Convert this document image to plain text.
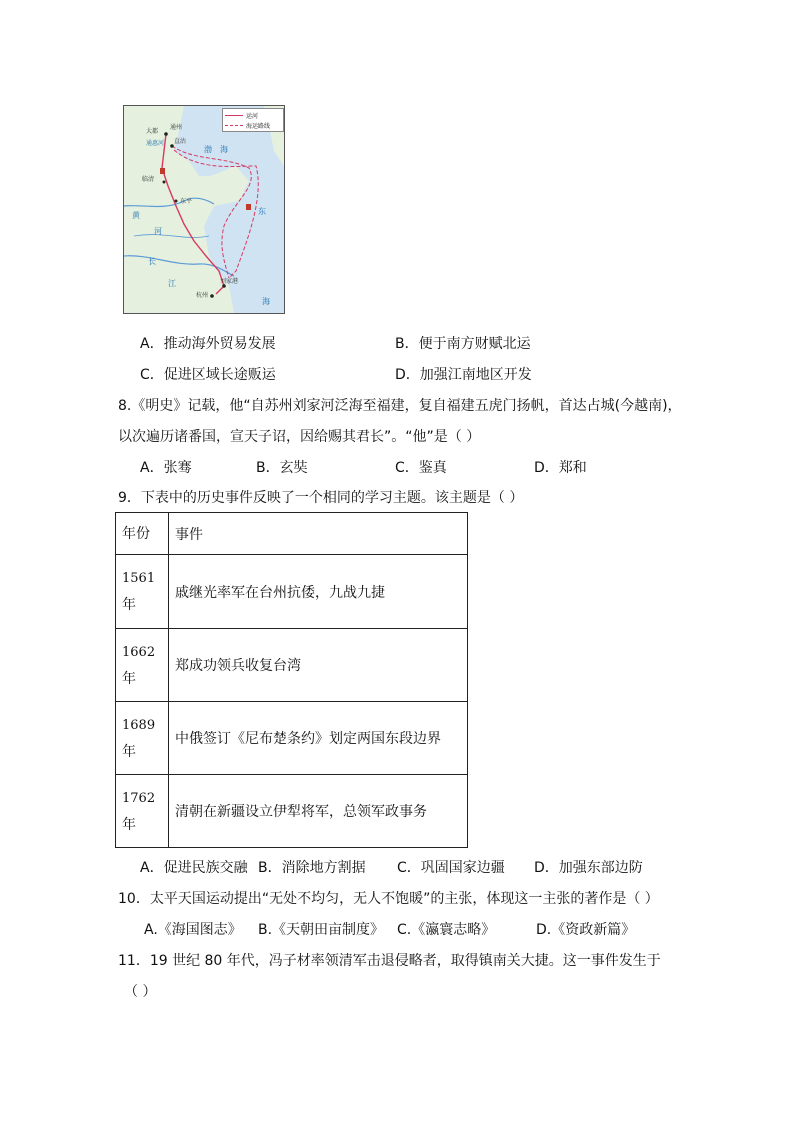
运河
海运路线
大都
通州
直沽
通惠河
临清
东平
刘家港
杭州
渤 海
东
海
黄
河
长
江
A．推动海外贸易发展	B．便于南方财赋北运
C．促进区域长途贩运	D．加强江南地区开发
8.《明史》记载，他“自苏州刘家河泛海至福建，复自福建五虎门扬帆，首达占城(今越南)，
以次遍历诸番国，宣天子诏，因给赐其君长”。“他”是（ ）
A．张骞	B．玄奘	C．鉴真	D．郑和
9．下表中的历史事件反映了一个相同的学习主题。该主题是（ ）
年份	事件
1561
年	戚继光率军在台州抗倭，九战九捷
1662
年	郑成功领兵收复台湾
1689
年	中俄签订《尼布楚条约》划定两国东段边界
1762
年	清朝在新疆设立伊犁将军，总领军政事务
A．促进民族交融 B．消除地方割据 C．巩固国家边疆 D．加强东部边防
10．太平天国运动提出“无处不均匀，无人不饱暖”的主张，体现这一主张的著作是（ ）
A.《海国图志》 B.《天朝田亩制度》 C.《瀛寰志略》	D.《资政新篇》
11．19 世纪 80 年代，冯子材率领清军击退侵略者，取得镇南关大捷。这一事件发生于
（ ）
